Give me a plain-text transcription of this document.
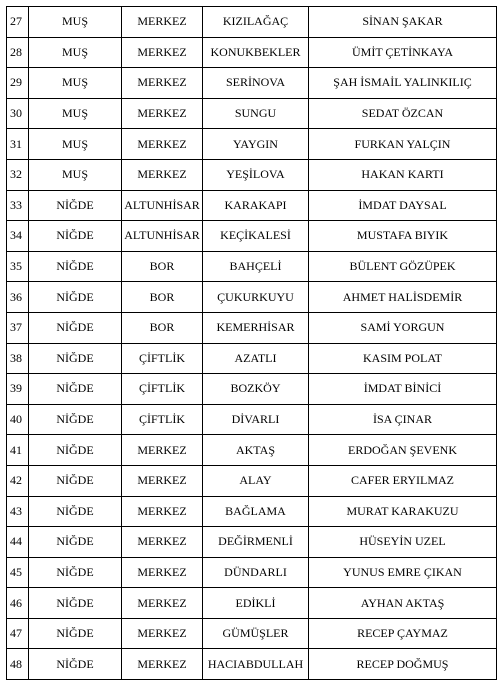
27	MUŞ	MERKEZ	KIZILAĞAÇ	SİNAN ŞAKAR
28	MUŞ	MERKEZ	KONUKBEKLER	ÜMİT ÇETİNKAYA
29	MUŞ	MERKEZ	SERİNOVA	ŞAH İSMAİL YALINKILIÇ
30	MUŞ	MERKEZ	SUNGU	SEDAT ÖZCAN
31	MUŞ	MERKEZ	YAYGIN	FURKAN YALÇIN
32	MUŞ	MERKEZ	YEŞİLOVA	HAKAN KARTI
33	NİĞDE	ALTUNHİSAR	KARAKAPI	İMDAT DAYSAL
34	NİĞDE	ALTUNHİSAR	KEÇİKALESİ	MUSTAFA BIYIK
35	NİĞDE	BOR	BAHÇELİ	BÜLENT GÖZÜPEK
36	NİĞDE	BOR	ÇUKURKUYU	AHMET HALİSDEMİR
37	NİĞDE	BOR	KEMERHİSAR	SAMİ YORGUN
38	NİĞDE	ÇİFTLİK	AZATLI	KASIM POLAT
39	NİĞDE	ÇİFTLİK	BOZKÖY	İMDAT BİNİCİ
40	NİĞDE	ÇİFTLİK	DİVARLI	İSA ÇINAR
41	NİĞDE	MERKEZ	AKTAŞ	ERDOĞAN ŞEVENK
42	NİĞDE	MERKEZ	ALAY	CAFER ERYILMAZ
43	NİĞDE	MERKEZ	BAĞLAMA	MURAT KARAKUZU
44	NİĞDE	MERKEZ	DEĞİRMENLİ	HÜSEYİN UZEL
45	NİĞDE	MERKEZ	DÜNDARLI	YUNUS EMRE ÇIKAN
46	NİĞDE	MERKEZ	EDİKLİ	AYHAN AKTAŞ
47	NİĞDE	MERKEZ	GÜMÜŞLER	RECEP ÇAYMAZ
48	NİĞDE	MERKEZ	HACIABDULLAH	RECEP DOĞMUŞ
